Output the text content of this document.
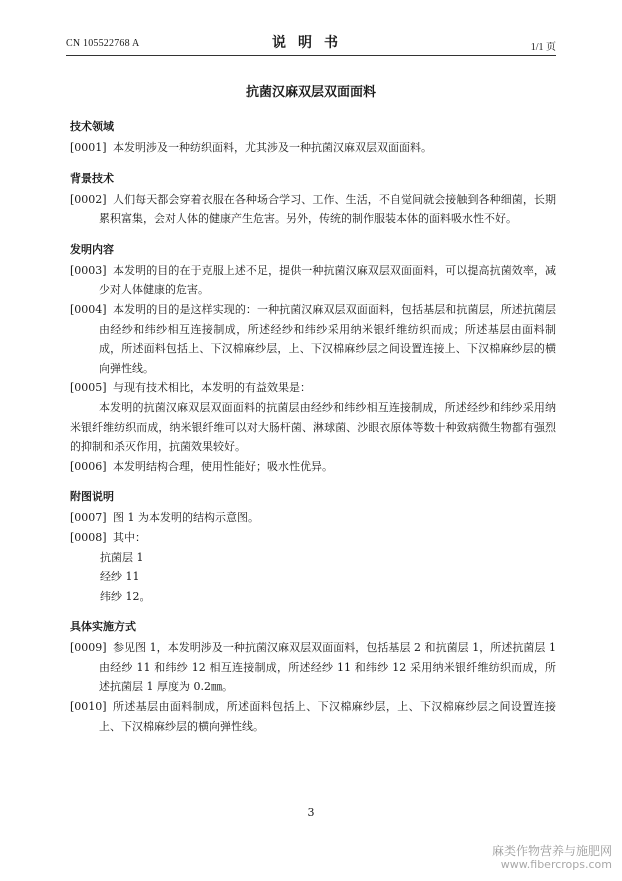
CN 105522768 A	说明书	1/1 页
抗菌汉麻双层双面面料
技术领域
[0001] 本发明涉及一种纺织面料，尤其涉及一种抗菌汉麻双层双面面料。
背景技术
[0002] 人们每天都会穿着衣服在各种场合学习、工作、生活，不自觉间就会接触到各种细菌，长期累积富集，会对人体的健康产生危害。另外，传统的制作服装本体的面料吸水性不好。
发明内容
[0003] 本发明的目的在于克服上述不足，提供一种抗菌汉麻双层双面面料，可以提高抗菌效率，减少对人体健康的危害。
[0004] 本发明的目的是这样实现的：一种抗菌汉麻双层双面面料，包括基层和抗菌层，所述抗菌层由经纱和纬纱相互连接制成，所述经纱和纬纱采用纳米银纤维纺织而成；所述基层由面料制成，所述面料包括上、下汉棉麻纱层，上、下汉棉麻纱层之间设置连接上、下汉棉麻纱层的横向弹性线。
[0005] 与现有技术相比，本发明的有益效果是：
本发明的抗菌汉麻双层双面面料的抗菌层由经纱和纬纱相互连接制成，所述经纱和纬纱采用纳米银纤维纺织而成，纳米银纤维可以对大肠杆菌、淋球菌、沙眼衣原体等数十种致病微生物都有强烈的抑制和杀灭作用，抗菌效果较好。
[0006] 本发明结构合理，使用性能好；吸水性优异。
附图说明
[0007] 图 1 为本发明的结构示意图。
[0008] 其中：
抗菌层 1
经纱 11
纬纱 12。
具体实施方式
[0009] 参见图 1，本发明涉及一种抗菌汉麻双层双面面料，包括基层 2 和抗菌层 1，所述抗菌层 1 由经纱 11 和纬纱 12 相互连接制成，所述经纱 11 和纬纱 12 采用纳米银纤维纺织而成，所述抗菌层 1 厚度为 0.2㎜。
[0010] 所述基层由面料制成，所述面料包括上、下汉棉麻纱层，上、下汉棉麻纱层之间设置连接上、下汉棉麻纱层的横向弹性线。
3
麻类作物营养与施肥网
www.fibercrops.com
